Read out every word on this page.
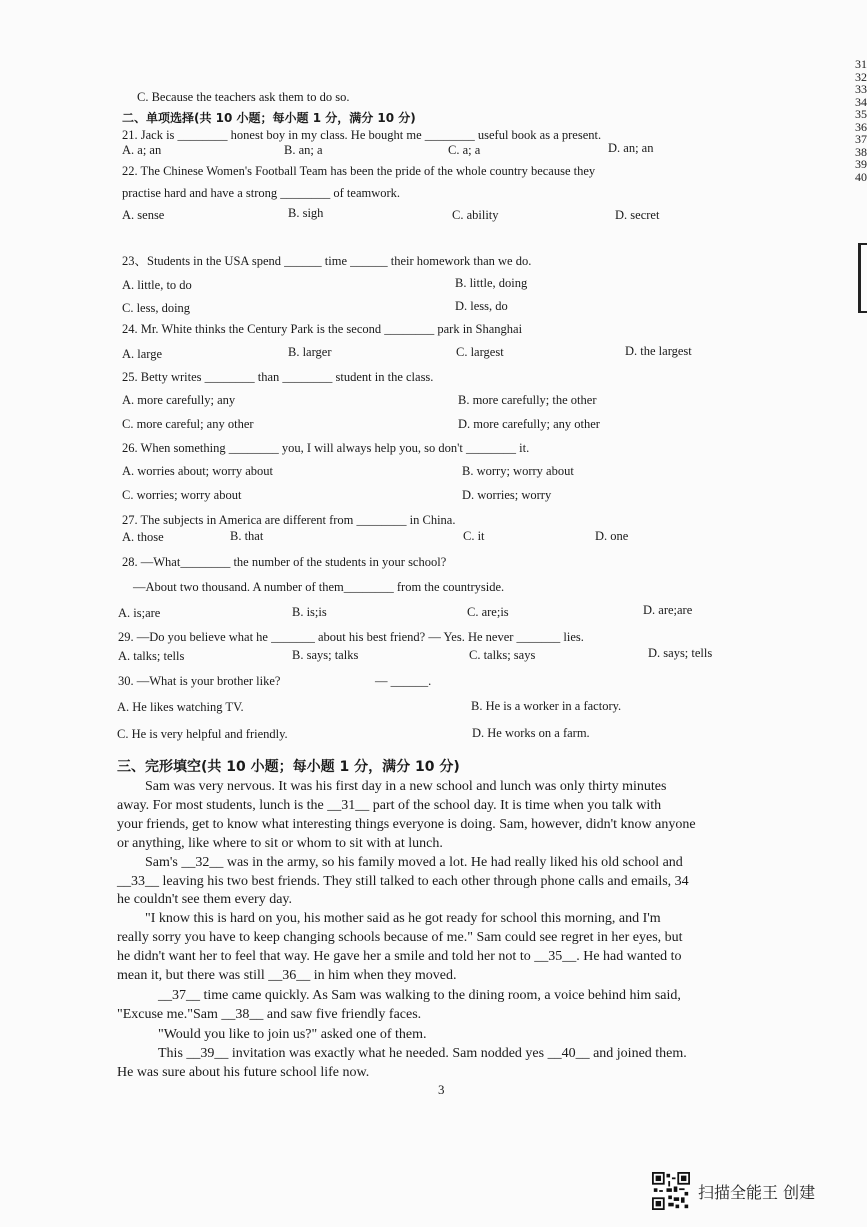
C. Because the teachers ask them to do so.
二、单项选择(共 10 小题；每小题 1 分，满分 10 分)
21. Jack is ________ honest boy in my class. He bought me ________ useful book as a present.
A. a; an	B. an; a	C. a; a	D. an; an
22. The Chinese Women's Football Team has been the pride of the whole country because they
practise hard and have a strong ________ of teamwork.
A. sense	B. sigh	C. ability	D. secret
23、Students in the USA spend ______ time ______ their homework than we do.
A. little, to do	B. little, doing
C. less, doing	D. less, do
24. Mr. White thinks the Century Park is the second ________ park in Shanghai
A. large	B. larger	C. largest	D. the largest
25. Betty writes ________ than ________ student in the class.
A. more carefully; any	B. more carefully; the other
C. more careful; any other	D. more carefully; any other
26. When something ________ you, I will always help you, so don't ________ it.
A. worries about; worry about	B. worry; worry about
C. worries; worry about	D. worries; worry
27. The subjects in America are different from ________ in China.
A. those	B. that	C. it	D. one
28. —What________ the number of the students in your school?
—About two thousand. A number of them________ from the countryside.
A. is;are	B. is;is	C. are;is	D. are;are
29. —Do you believe what he _______ about his best friend? — Yes. He never _______ lies.
A. talks; tells	B. says; talks	C. talks; says	D. says; tells
30. —What is your brother like?	— ______.
A. He likes watching TV.	B. He is a worker in a factory.
C. He is very helpful and friendly.	D. He works on a farm.
三、完形填空(共 10 小题；每小题 1 分，满分 10 分)
Sam was very nervous. It was his first day in a new school and lunch was only thirty minutes
away. For most students, lunch is the __31__ part of the school day. It is time when you talk with
your friends, get to know what interesting things everyone is doing. Sam, however, didn't know anyone
or anything, like where to sit or whom to sit with at lunch.
Sam's __32__ was in the army, so his family moved a lot. He had really liked his old school and
__33__ leaving his two best friends. They still talked to each other through phone calls and emails, 34
he couldn't see them every day.
"I know this is hard on you, his mother said as he got ready for school this morning, and I'm
really sorry you have to keep changing schools because of me." Sam could see regret in her eyes, but
he didn't want her to feel that way. He gave her a smile and told her not to __35__. He had wanted to
mean it, but there was still __36__ in him when they moved.
__37__ time came quickly. As Sam was walking to the dining room, a voice behind him said,
"Excuse me."Sam __38__ and saw five friendly faces.
"Would you like to join us?" asked one of them.
This __39__ invitation was exactly what he needed. Sam nodded yes __40__ and joined them.
He was sure about his future school life now.
3
31
32
33
34
35
36
37
38
39
40
扫描全能王 创建
